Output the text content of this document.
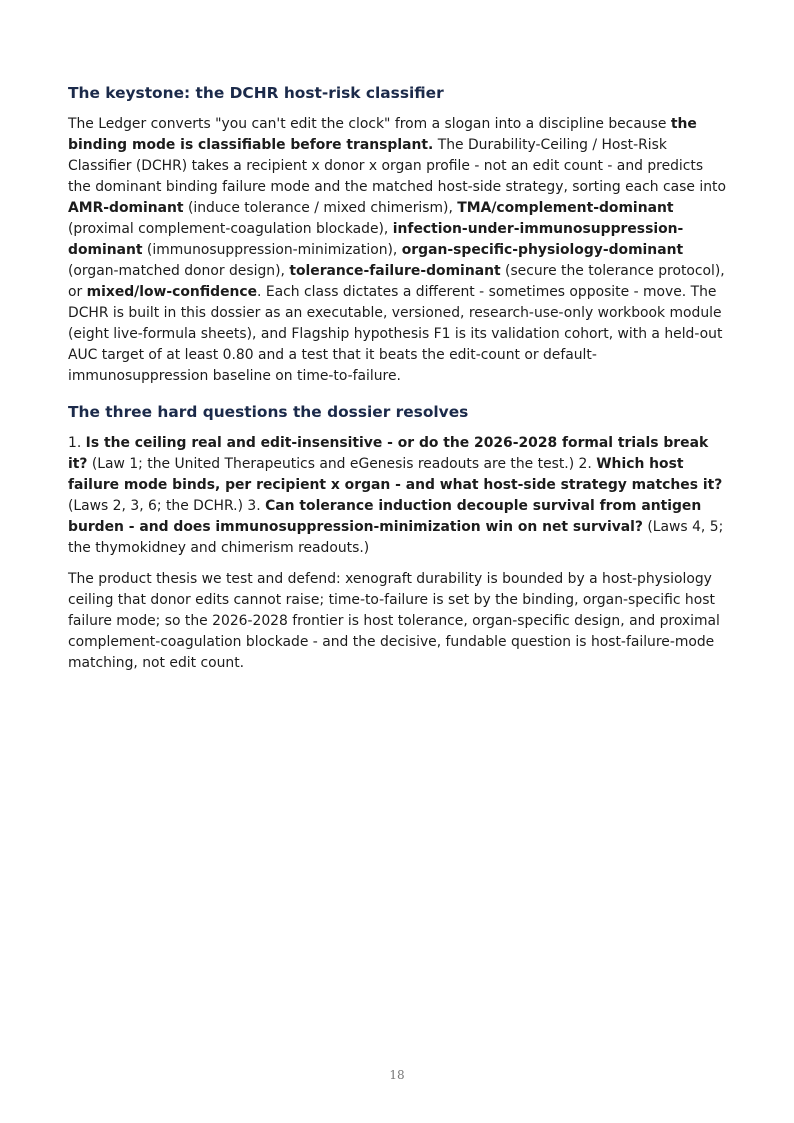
The keystone: the DCHR host-risk classifier

The Ledger converts "you can't edit the clock" from a slogan into a discipline because the binding mode is classifiable before transplant. The Durability-Ceiling / Host-Risk Classifier (DCHR) takes a recipient x donor x organ profile - not an edit count - and predicts the dominant binding failure mode and the matched host-side strategy, sorting each case into AMR-dominant (induce tolerance / mixed chimerism), TMA/complement-dominant (proximal complement-coagulation blockade), infection-under-immunosuppression-dominant (immunosuppression-minimization), organ-specific-physiology-dominant (organ-matched donor design), tolerance-failure-dominant (secure the tolerance protocol), or mixed/low-confidence. Each class dictates a different - sometimes opposite - move. The DCHR is built in this dossier as an executable, versioned, research-use-only workbook module (eight live-formula sheets), and Flagship hypothesis F1 is its validation cohort, with a held-out AUC target of at least 0.80 and a test that it beats the edit-count or default-immunosuppression baseline on time-to-failure.

The three hard questions the dossier resolves

1. Is the ceiling real and edit-insensitive - or do the 2026-2028 formal trials break it? (Law 1; the United Therapeutics and eGenesis readouts are the test.) 2. Which host failure mode binds, per recipient x organ - and what host-side strategy matches it? (Laws 2, 3, 6; the DCHR.) 3. Can tolerance induction decouple survival from antigen burden - and does immunosuppression-minimization win on net survival? (Laws 4, 5; the thymokidney and chimerism readouts.)

The product thesis we test and defend: xenograft durability is bounded by a host-physiology ceiling that donor edits cannot raise; time-to-failure is set by the binding, organ-specific host failure mode; so the 2026-2028 frontier is host tolerance, organ-specific design, and proximal complement-coagulation blockade - and the decisive, fundable question is host-failure-mode matching, not edit count.

18
